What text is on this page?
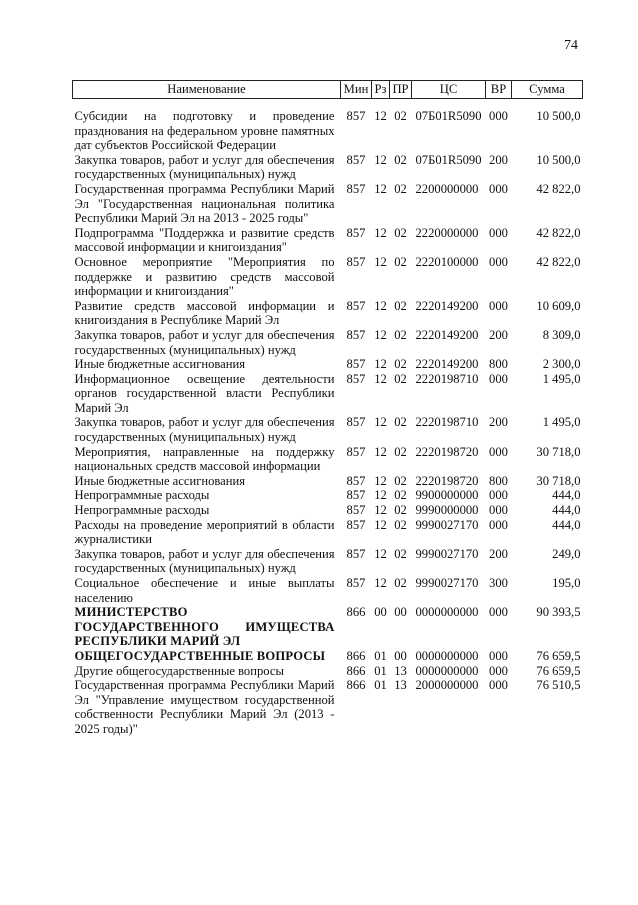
74
Наименование	Мин	Рз	ПР	ЦС	ВР	Сумма
Субсидии на подготовку и проведение празднования на федеральном уровне памятных дат субъектов Российской Федерации	857	12	02	07Б01R5090	000	10 500,0
Закупка товаров, работ и услуг для обеспечения государственных (муниципальных) нужд	857	12	02	07Б01R5090	200	10 500,0
Государственная программа Республики Марий Эл "Государственная национальная политика Республики Марий Эл на 2013 - 2025 годы"	857	12	02	2200000000	000	42 822,0
Подпрограмма "Поддержка и развитие средств массовой информации и книгоиздания"	857	12	02	2220000000	000	42 822,0
Основное мероприятие "Мероприятия по поддержке и развитию средств массовой информации и книгоиздания"	857	12	02	2220100000	000	42 822,0
Развитие средств массовой информации и книгоиздания в Республике Марий Эл	857	12	02	2220149200	000	10 609,0
Закупка товаров, работ и услуг для обеспечения государственных (муниципальных) нужд	857	12	02	2220149200	200	8 309,0
Иные бюджетные ассигнования	857	12	02	2220149200	800	2 300,0
Информационное освещение деятельности органов государственной власти Республики Марий Эл	857	12	02	2220198710	000	1 495,0
Закупка товаров, работ и услуг для обеспечения государственных (муниципальных) нужд	857	12	02	2220198710	200	1 495,0
Мероприятия, направленные на поддержку национальных средств массовой информации	857	12	02	2220198720	000	30 718,0
Иные бюджетные ассигнования	857	12	02	2220198720	800	30 718,0
Непрограммные расходы	857	12	02	9900000000	000	444,0
Непрограммные расходы	857	12	02	9990000000	000	444,0
Расходы на проведение мероприятий в области журналистики	857	12	02	9990027170	000	444,0
Закупка товаров, работ и услуг для обеспечения государственных (муниципальных) нужд	857	12	02	9990027170	200	249,0
Социальное обеспечение и иные выплаты населению	857	12	02	9990027170	300	195,0
МИНИСТЕРСТВО ГОСУДАРСТВЕННОГО ИМУЩЕСТВА РЕСПУБЛИКИ МАРИЙ ЭЛ	866	00	00	0000000000	000	90 393,5
ОБЩЕГОСУДАРСТВЕННЫЕ ВОПРОСЫ	866	01	00	0000000000	000	76 659,5
Другие общегосударственные вопросы	866	01	13	0000000000	000	76 659,5
Государственная программа Республики Марий Эл "Управление имуществом государственной собственности Республики Марий Эл (2013 - 2025 годы)"	866	01	13	2000000000	000	76 510,5
